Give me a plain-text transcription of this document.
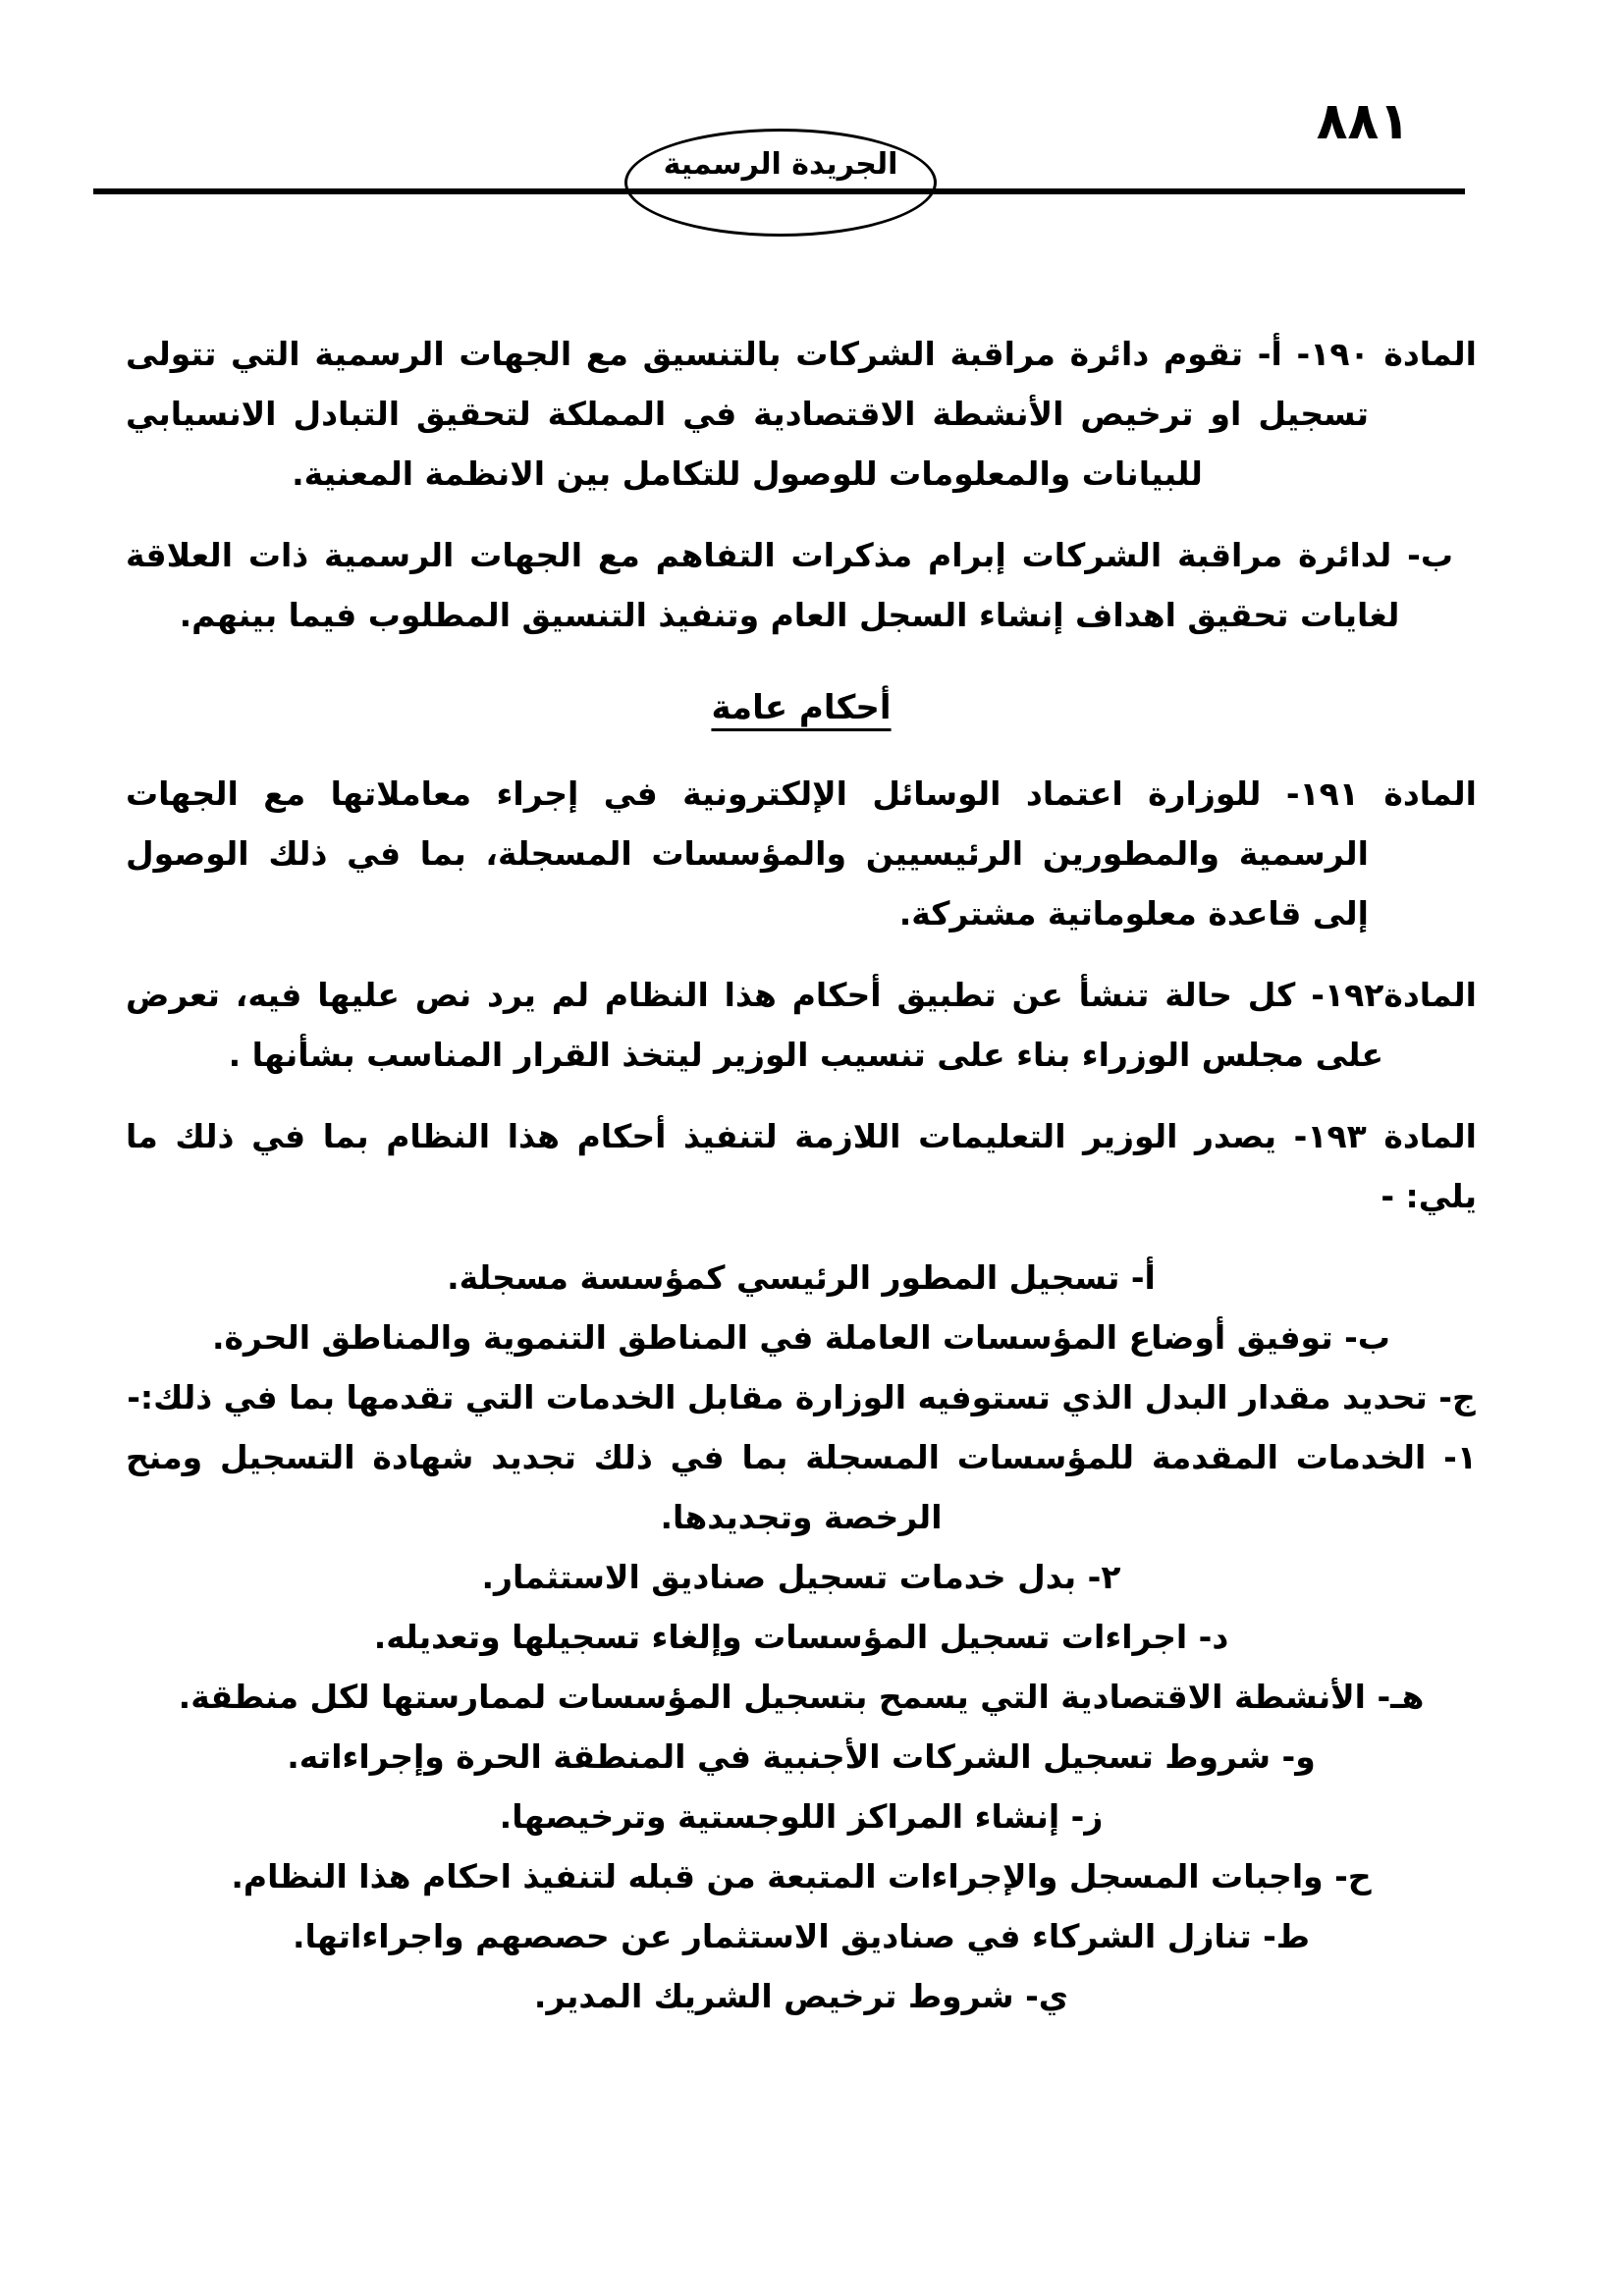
٨٨١
الجريدة الرسمية

المادة ١٩٠- أ- تقوم دائرة مراقبة الشركات بالتنسيق مع الجهات الرسمية التي تتولى تسجيل او ترخيص الأنشطة الاقتصادية في المملكة لتحقيق التبادل الانسيابي للبيانات والمعلومات للوصول للتكامل بين الانظمة المعنية.

ب- لدائرة مراقبة الشركات إبرام مذكرات التفاهم مع الجهات الرسمية ذات العلاقة لغايات تحقيق اهداف إنشاء السجل العام وتنفيذ التنسيق المطلوب فيما بينهم.

أحكام عامة

المادة ١٩١- للوزارة اعتماد الوسائل الإلكترونية في إجراء معاملاتها مع الجهات الرسمية والمطورين الرئيسيين والمؤسسات المسجلة، بما في ذلك الوصول إلى قاعدة معلوماتية مشتركة.

المادة١٩٢- كل حالة تنشأ عن تطبيق أحكام هذا النظام لم يرد نص عليها فيه، تعرض على مجلس الوزراء بناء على تنسيب الوزير ليتخذ القرار المناسب بشأنها .

المادة ١٩٣- يصدر الوزير التعليمات اللازمة لتنفيذ أحكام هذا النظام بما في ذلك ما يلي: -

أ- تسجيل المطور الرئيسي كمؤسسة مسجلة.

ب- توفيق أوضاع المؤسسات العاملة في المناطق التنموية والمناطق الحرة.

ج- تحديد مقدار البدل الذي تستوفيه الوزارة مقابل الخدمات التي تقدمها بما في ذلك:-

١- الخدمات المقدمة للمؤسسات المسجلة بما في ذلك تجديد شهادة التسجيل ومنح الرخصة وتجديدها.

٢- بدل خدمات تسجيل صناديق الاستثمار.

د- اجراءات تسجيل المؤسسات وإلغاء تسجيلها وتعديله.

هـ- الأنشطة الاقتصادية التي يسمح بتسجيل المؤسسات لممارستها لكل منطقة.

و- شروط تسجيل الشركات الأجنبية في المنطقة الحرة وإجراءاته.

ز- إنشاء المراكز اللوجستية وترخيصها.

ح- واجبات المسجل والإجراءات المتبعة من قبله لتنفيذ احكام هذا النظام.

ط- تنازل الشركاء في صناديق الاستثمار عن حصصهم واجراءاتها.

ي- شروط ترخيص الشريك المدير.
